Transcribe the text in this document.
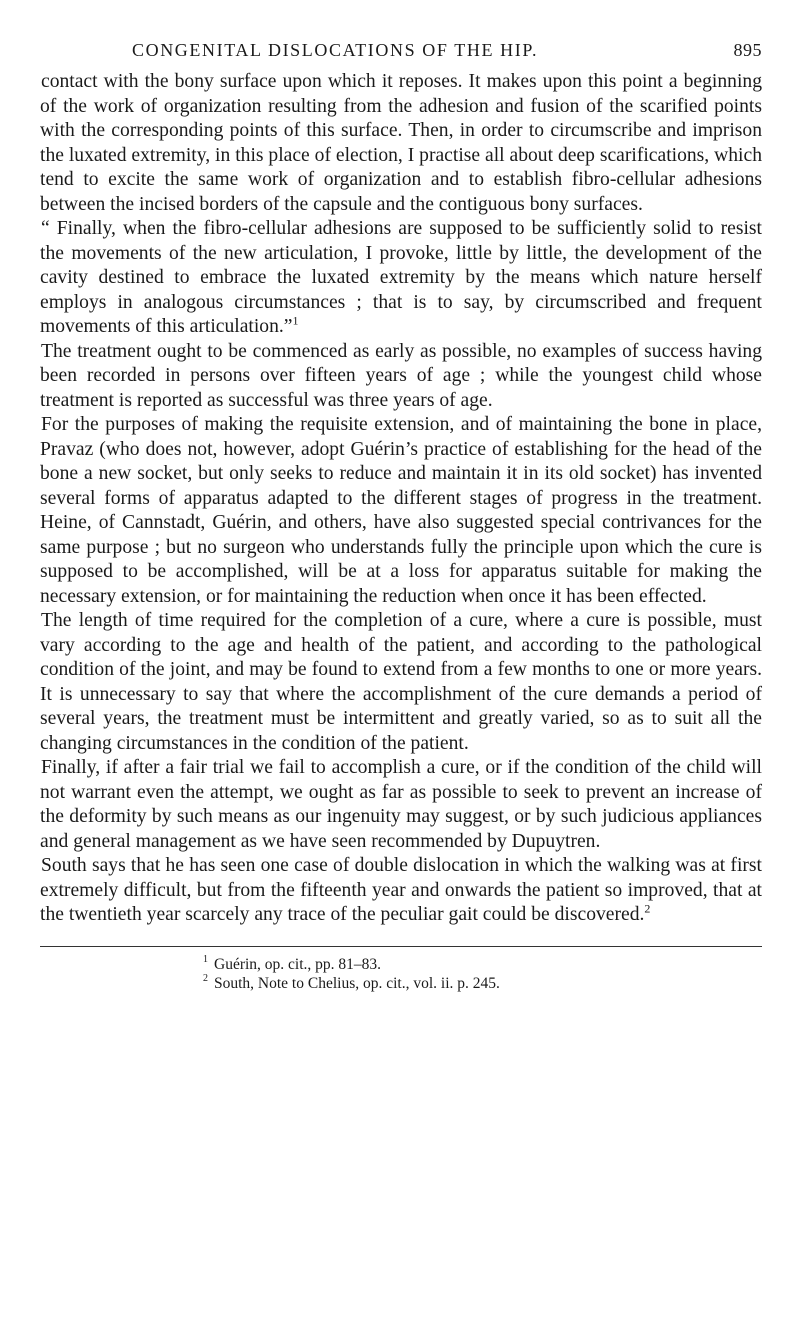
CONGENITAL DISLOCATIONS OF THE HIP.	895

contact with the bony surface upon which it reposes. It makes upon this point a beginning of the work of organization resulting from the adhesion and fusion of the scarified points with the corresponding points of this surface. Then, in order to circumscribe and imprison the luxated extremity, in this place of election, I practise all about deep scarifications, which tend to excite the same work of organization and to establish fibro-cellular adhesions between the incised borders of the capsule and the contiguous bony surfaces.

“ Finally, when the fibro-cellular adhesions are supposed to be sufficiently solid to resist the movements of the new articulation, I provoke, little by little, the development of the cavity destined to embrace the luxated extremity by the means which nature herself employs in analogous circumstances ; that is to say, by circumscribed and frequent movements of this articulation.”$^1$

The treatment ought to be commenced as early as possible, no examples of success having been recorded in persons over fifteen years of age ; while the youngest child whose treatment is reported as successful was three years of age.

For the purposes of making the requisite extension, and of maintaining the bone in place, Pravaz (who does not, however, adopt Guérin’s practice of establishing for the head of the bone a new socket, but only seeks to reduce and maintain it in its old socket) has invented several forms of apparatus adapted to the different stages of progress in the treatment. Heine, of Cannstadt, Guérin, and others, have also suggested special contrivances for the same purpose ; but no surgeon who understands fully the principle upon which the cure is supposed to be accomplished, will be at a loss for apparatus suitable for making the necessary extension, or for maintaining the reduction when once it has been effected.

The length of time required for the completion of a cure, where a cure is possible, must vary according to the age and health of the patient, and according to the pathological condition of the joint, and may be found to extend from a few months to one or more years. It is unnecessary to say that where the accomplishment of the cure demands a period of several years, the treatment must be intermittent and greatly varied, so as to suit all the changing circumstances in the condition of the patient.

Finally, if after a fair trial we fail to accomplish a cure, or if the condition of the child will not warrant even the attempt, we ought as far as possible to seek to prevent an increase of the deformity by such means as our ingenuity may suggest, or by such judicious appliances and general management as we have seen recommended by Dupuytren.

South says that he has seen one case of double dislocation in which the walking was at first extremely difficult, but from the fifteenth year and onwards the patient so improved, that at the twentieth year scarcely any trace of the peculiar gait could be discovered.$^2$

$^1$ Guérin, op. cit., pp. 81–83.
$^2$ South, Note to Chelius, op. cit., vol. ii. p. 245.
